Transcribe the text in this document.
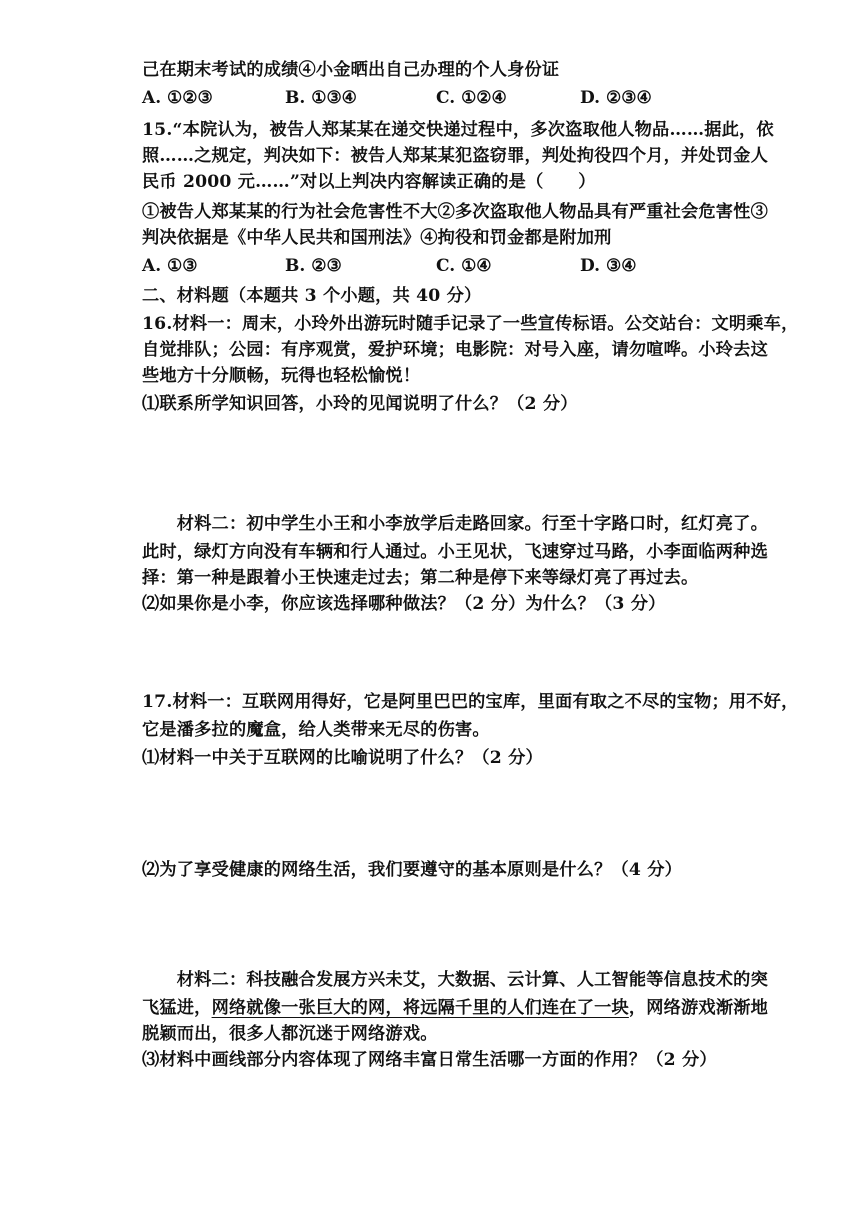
己在期末考试的成绩④小金晒出自己办理的个人身份证
A. ①②③	B. ①③④	C. ①②④	D. ②③④
15.“本院认为，被告人郑某某在递交快递过程中，多次盗取他人物品……据此，依
照……之规定，判决如下：被告人郑某某犯盗窃罪，判处拘役四个月，并处罚金人
民币 2000 元……”对以上判决内容解读正确的是（　　）
①被告人郑某某的行为社会危害性不大②多次盗取他人物品具有严重社会危害性③
判决依据是《中华人民共和国刑法》④拘役和罚金都是附加刑
A. ①③	B. ②③	C. ①④	D. ③④
二、材料题（本题共 3 个小题，共 40 分）
16.材料一：周末，小玲外出游玩时随手记录了一些宣传标语。公交站台：文明乘车，
自觉排队；公园：有序观赏，爱护环境；电影院：对号入座，请勿喧哗。小玲去这
些地方十分顺畅，玩得也轻松愉悦！
⑴联系所学知识回答，小玲的见闻说明了什么？（2 分）
　　材料二：初中学生小王和小李放学后走路回家。行至十字路口时，红灯亮了。
此时，绿灯方向没有车辆和行人通过。小王见状，飞速穿过马路，小李面临两种选
择：第一种是跟着小王快速走过去；第二种是停下来等绿灯亮了再过去。
⑵如果你是小李，你应该选择哪种做法？（2 分）为什么？（3 分）
17.材料一：互联网用得好，它是阿里巴巴的宝库，里面有取之不尽的宝物；用不好，
它是潘多拉的魔盒，给人类带来无尽的伤害。
⑴材料一中关于互联网的比喻说明了什么？（2 分）
⑵为了享受健康的网络生活，我们要遵守的基本原则是什么？（4 分）
　　材料二：科技融合发展方兴未艾，大数据、云计算、人工智能等信息技术的突
飞猛进，网络就像一张巨大的网，将远隔千里的人们连在了一块，网络游戏渐渐地
脱颖而出，很多人都沉迷于网络游戏。
⑶材料中画线部分内容体现了网络丰富日常生活哪一方面的作用？（2 分）
